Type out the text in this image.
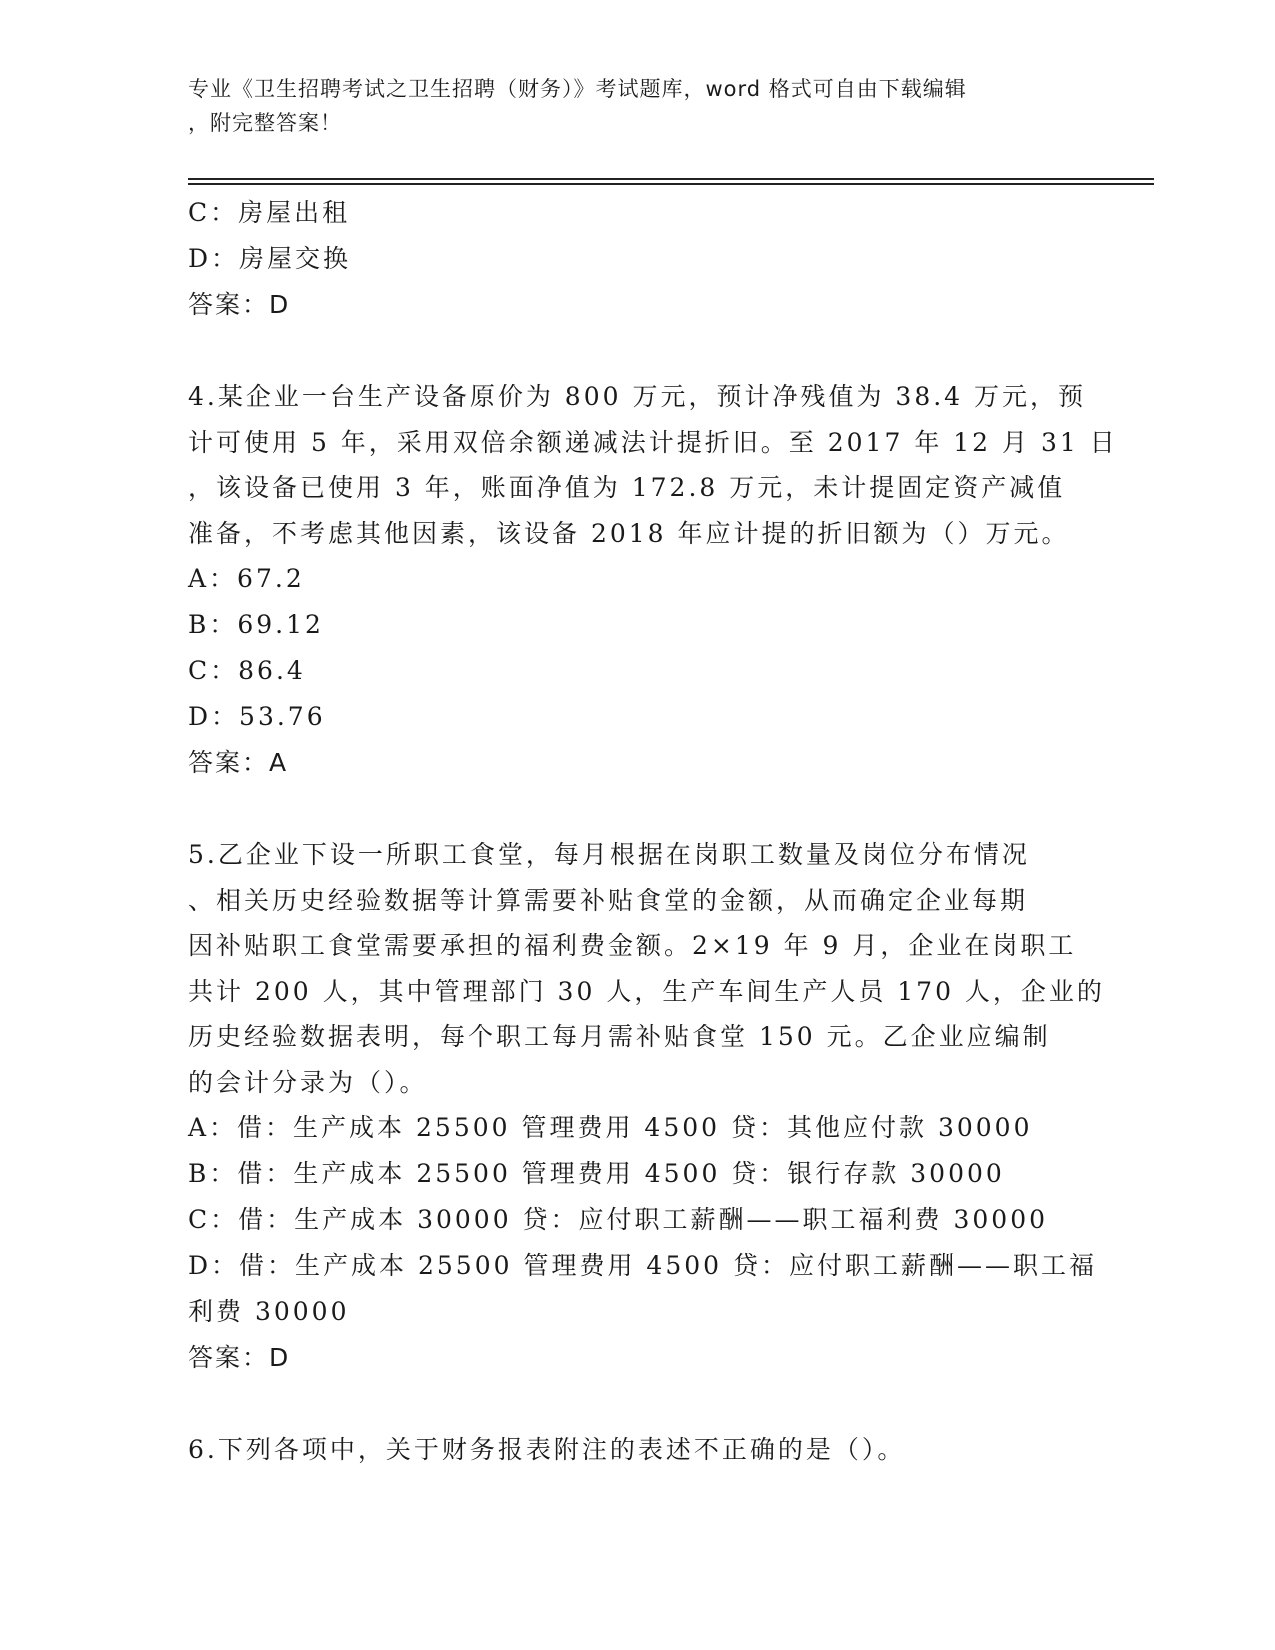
专业《卫生招聘考试之卫生招聘（财务）》考试题库，word 格式可自由下载编辑
，附完整答案！
C：房屋出租
D：房屋交换
答案：D
4.某企业一台生产设备原价为 800 万元，预计净残值为 38.4 万元，预
计可使用 5 年，采用双倍余额递减法计提折旧。至 2017 年 12 月 31 日
，该设备已使用 3 年，账面净值为 172.8 万元，未计提固定资产减值
准备，不考虑其他因素，该设备 2018 年应计提的折旧额为（）万元。
A：67.2
B：69.12
C：86.4
D：53.76
答案：A
5.乙企业下设一所职工食堂，每月根据在岗职工数量及岗位分布情况
、相关历史经验数据等计算需要补贴食堂的金额，从而确定企业每期
因补贴职工食堂需要承担的福利费金额。2×19 年 9 月，企业在岗职工
共计 200 人，其中管理部门 30 人，生产车间生产人员 170 人，企业的
历史经验数据表明，每个职工每月需补贴食堂 150 元。乙企业应编制
的会计分录为（）。
A：借：生产成本 25500 管理费用 4500 贷：其他应付款 30000
B：借：生产成本 25500 管理费用 4500 贷：银行存款 30000
C：借：生产成本 30000 贷：应付职工薪酬——职工福利费 30000
D：借：生产成本 25500 管理费用 4500 贷：应付职工薪酬——职工福
利费 30000
答案：D
6.下列各项中，关于财务报表附注的表述不正确的是（）。
